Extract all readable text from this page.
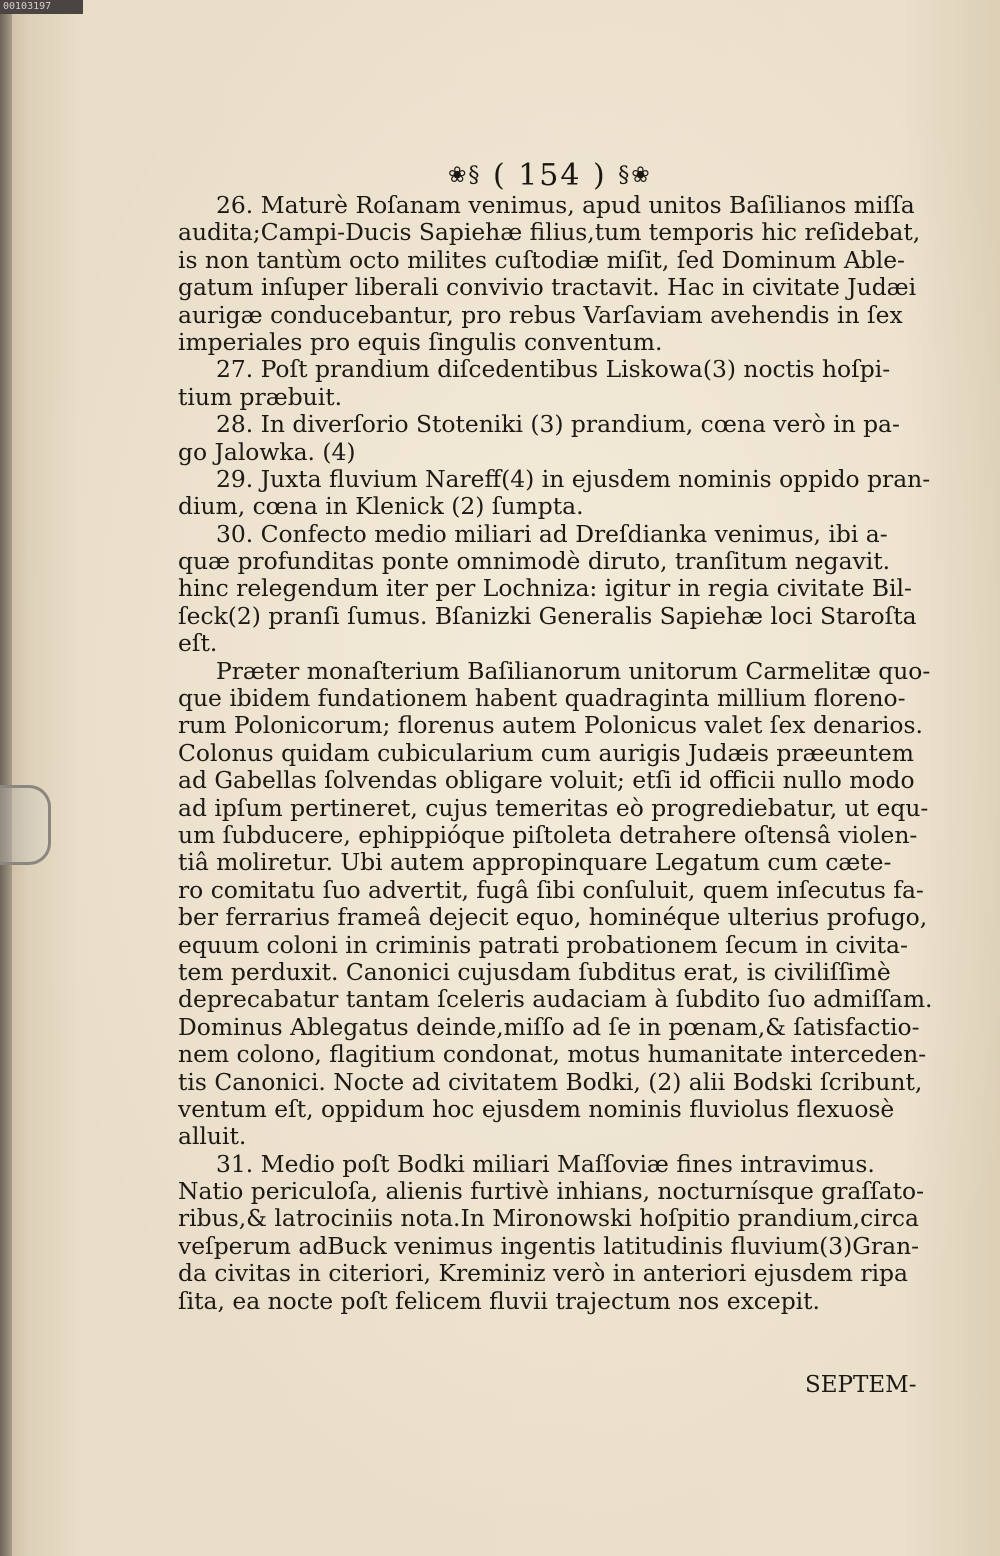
00103197
❀§ ( 154 ) §❀
26. Maturè Roſanam venimus, apud unitos Baſilianos miſſa
audita;Campi-Ducis Sapiehæ filius,tum temporis hic reſidebat,
is non tantùm octo milites cuſtodiæ miſit, ſed Dominum Able-
gatum inſuper liberali convivio tractavit. Hac in civitate Judæi
aurigæ conducebantur, pro rebus Varſaviam avehendis in ſex
imperiales pro equis ſingulis conventum.
27. Poſt prandium diſcedentibus Liskowa(3) noctis hoſpi-
tium præbuit.
28. In diverſorio Stoteniki (3) prandium, cœna verò in pa-
go Jalowka. (4)
29. Juxta fluvium Nareff(4) in ejusdem nominis oppido pran-
dium, cœna in Klenick (2) ſumpta.
30. Confecto medio miliari ad Dreſdianka venimus, ibi a-
quæ profunditas ponte omnimodè diruto, tranſitum negavit.
hinc relegendum iter per Lochniza: igitur in regia civitate Bil-
ſeck(2) pranſi ſumus. Bſanizki Generalis Sapiehæ loci Staroſta
eſt.
Præter monaſterium Baſilianorum unitorum Carmelitæ quo-
que ibidem fundationem habent quadraginta millium floreno-
rum Polonicorum; florenus autem Polonicus valet ſex denarios.
Colonus quidam cubicularium cum aurigis Judæis præeuntem
ad Gabellas ſolvendas obligare voluit; etſi id officii nullo modo
ad ipſum pertineret, cujus temeritas eò progrediebatur, ut equ-
um ſubducere, ephippióque piſtoleta detrahere oſtensâ violen-
tiâ moliretur. Ubi autem appropinquare Legatum cum cæte-
ro comitatu ſuo advertit, fugâ ſibi conſuluit, quem inſecutus fa-
ber ferrarius frameâ dejecit equo, hominéque ulterius profugo,
equum coloni in criminis patrati probationem ſecum in civita-
tem perduxit. Canonici cujusdam ſubditus erat, is civiliſſimè
deprecabatur tantam ſceleris audaciam à ſubdito ſuo admiſſam.
Dominus Ablegatus deinde,miſſo ad ſe in pœnam,& ſatisfactio-
nem colono, flagitium condonat, motus humanitate interceden-
tis Canonici. Nocte ad civitatem Bodki, (2) alii Bodski ſcribunt,
ventum eſt, oppidum hoc ejusdem nominis fluviolus flexuosè
alluit.
31. Medio poſt Bodki miliari Maſſoviæ fines intravimus.
Natio periculoſa, alienis furtivè inhians, nocturnísque graſſato-
ribus,& latrociniis nota.In Mironowski hoſpitio prandium,circa
veſperum adBuck venimus ingentis latitudinis fluvium(3)Gran-
da civitas in citeriori, Kreminiz verò in anteriori ejusdem ripa
ſita, ea nocte poſt felicem fluvii trajectum nos excepit.
SEPTEM-
